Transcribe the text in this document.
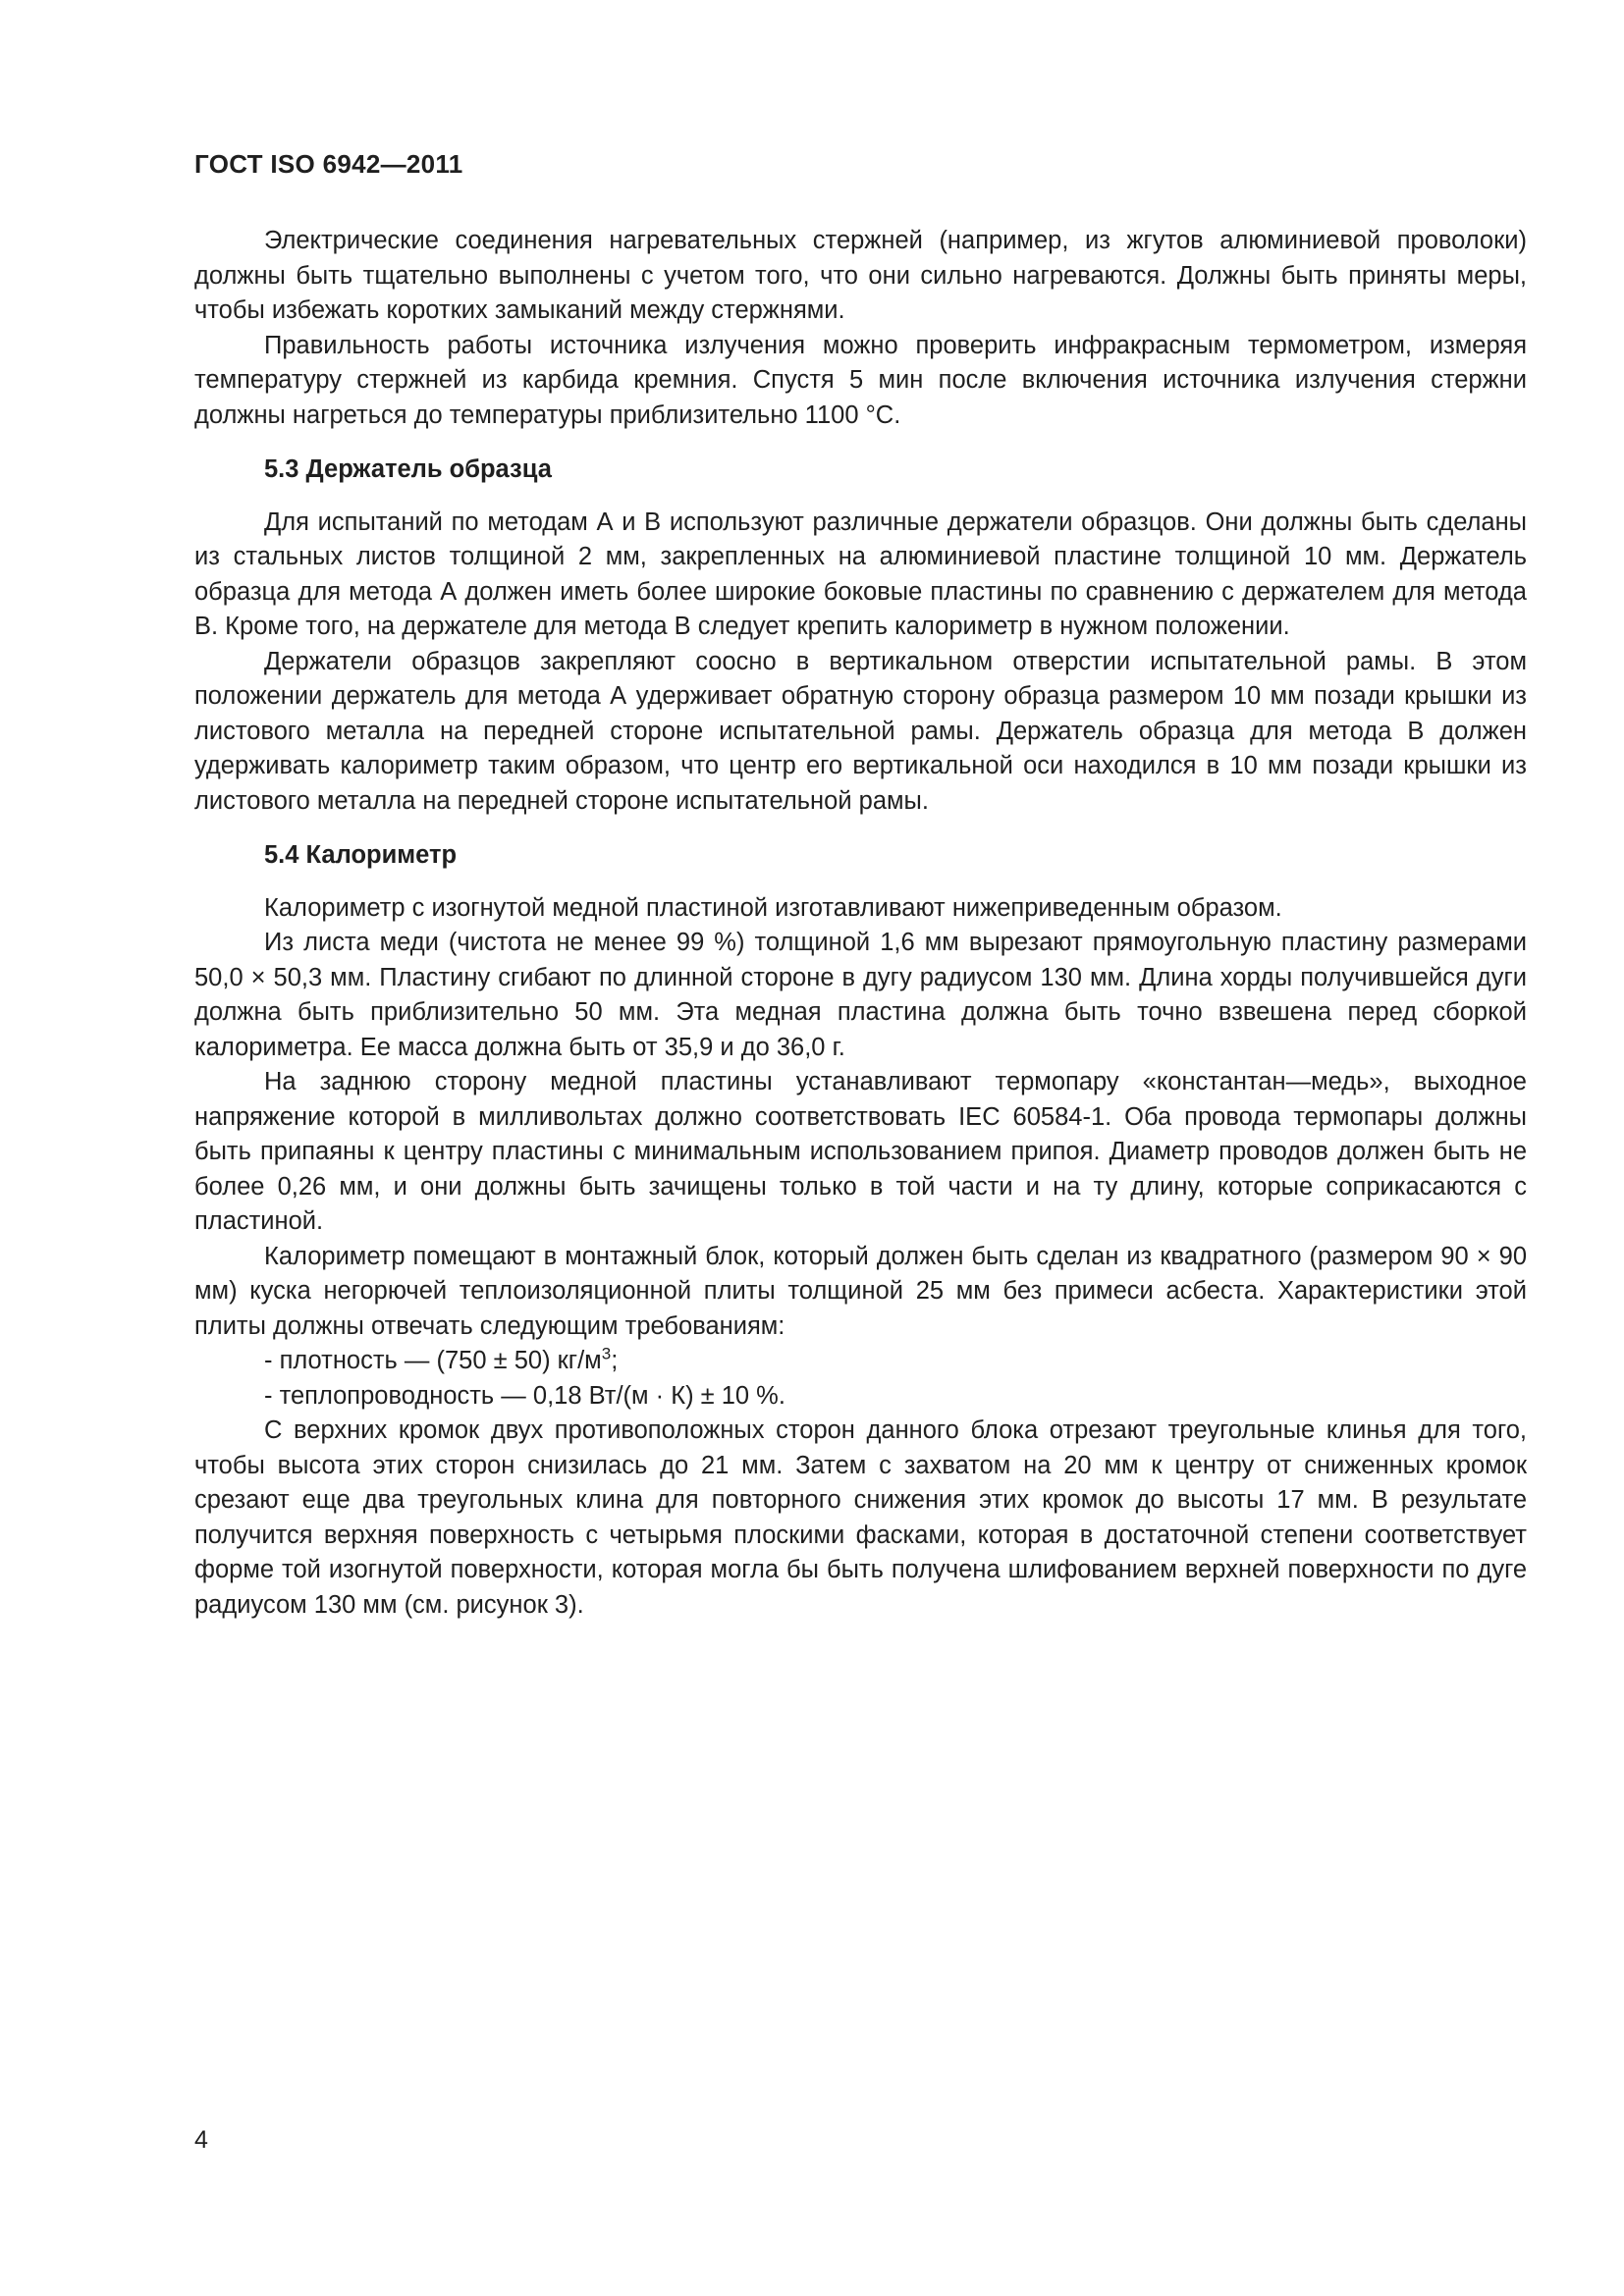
ГОСТ ISO 6942—2011

Электрические соединения нагревательных стержней (например, из жгутов алюминиевой проволоки) должны быть тщательно выполнены с учетом того, что они сильно нагреваются. Должны быть приняты меры, чтобы избежать коротких замыканий между стержнями.

Правильность работы источника излучения можно проверить инфракрасным термометром, измеряя температуру стержней из карбида кремния. Спустя 5 мин после включения источника излучения стержни должны нагреться до температуры приблизительно 1100 °С.

5.3 Держатель образца

Для испытаний по методам А и В используют различные держатели образцов. Они должны быть сделаны из стальных листов толщиной 2 мм, закрепленных на алюминиевой пластине толщиной 10 мм. Держатель образца для метода А должен иметь более широкие боковые пластины по сравнению с держателем для метода В. Кроме того, на держателе для метода В следует крепить калориметр в нужном положении.

Держатели образцов закрепляют соосно в вертикальном отверстии испытательной рамы. В этом положении держатель для метода А удерживает обратную сторону образца размером 10 мм позади крышки из листового металла на передней стороне испытательной рамы. Держатель образца для метода В должен удерживать калориметр таким образом, что центр его вертикальной оси находился в 10 мм позади крышки из листового металла на передней стороне испытательной рамы.

5.4 Калориметр

Калориметр с изогнутой медной пластиной изготавливают нижеприведенным образом.

Из листа меди (чистота не менее 99 %) толщиной 1,6 мм вырезают прямоугольную пластину размерами 50,0 × 50,3 мм. Пластину сгибают по длинной стороне в дугу радиусом 130 мм. Длина хорды получившейся дуги должна быть приблизительно 50 мм. Эта медная пластина должна быть точно взвешена перед сборкой калориметра. Ее масса должна быть от 35,9 и до 36,0 г.

На заднюю сторону медной пластины устанавливают термопару «константан—медь», выходное напряжение которой в милливольтах должно соответствовать IEC 60584-1. Оба провода термопары должны быть припаяны к центру пластины с минимальным использованием припоя. Диаметр проводов должен быть не более 0,26 мм, и они должны быть зачищены только в той части и на ту длину, которые соприкасаются с пластиной.

Калориметр помещают в монтажный блок, который должен быть сделан из квадратного (размером 90 × 90 мм) куска негорючей теплоизоляционной плиты толщиной 25 мм без примеси асбеста. Характеристики этой плиты должны отвечать следующим требованиям:

- плотность — (750 ± 50) $кг/м^3$;
- теплопроводность — 0,18 Вт/(м · К) ± 10 %.

С верхних кромок двух противоположных сторон данного блока отрезают треугольные клинья для того, чтобы высота этих сторон снизилась до 21 мм. Затем с захватом на 20 мм к центру от сниженных кромок срезают еще два треугольных клина для повторного снижения этих кромок до высоты 17 мм. В результате получится верхняя поверхность с четырьмя плоскими фасками, которая в достаточной степени соответствует форме той изогнутой поверхности, которая могла бы быть получена шлифованием верхней поверхности по дуге радиусом 130 мм (см. рисунок 3).

4
